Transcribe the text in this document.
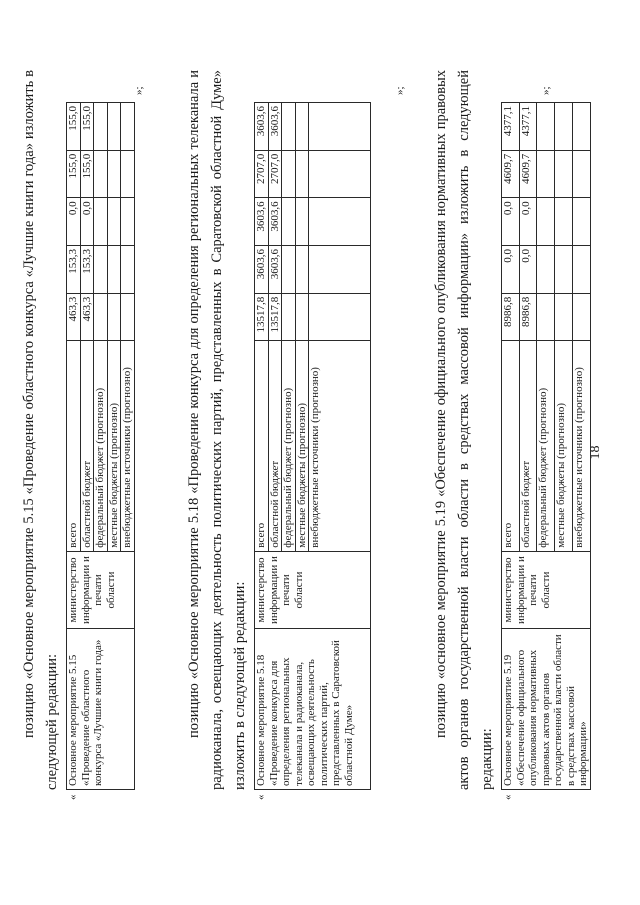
18

позицию «Основное мероприятие 5.15 «Проведение областного конкурса «Лучшие книги года» изложить в следующей редакции:

«
Основное мероприятие 5.15 «Проведение областного конкурса «Лучшие книги года»	министерство информации и печати области	всего	463,3	153,3	0,0	155,0	155,0
		областной бюджет	463,3	153,3	0,0	155,0	155,0
		федеральный бюджет (прогнозно)					
		местные бюджеты (прогнозно)					
		внебюджетные источники (прогнозно)					
»;	позицию «Основное мероприятие 5.18 «Проведение конкурса для определения региональных телеканала и радиоканала, освещающих деятельность политических партий, представленных в Саратовской областной Думе» изложить в следующей редакции:

«
Основное мероприятие 5.18 «Проведение конкурса для определения региональных телеканала и радиоканала, освещающих деятельность политических партий, представленных в Саратовской областной Думе»	министерство информации и печати области	всего	13517,8	3603,6	3603,6	2707,0	3603,6
		областной бюджет	13517,8	3603,6	3603,6	2707,0	3603,6
		федеральный бюджет (прогнозно)					
		местные бюджеты (прогнозно)					
		внебюджетные источники (прогнозно)					
»; позицию «основное мероприятие 5.19 «Обеспечение официального опубликования нормативных правовых актов органов государственной власти области в средствах массовой информации» изложить в следующей редакции:

«
Основное мероприятие 5.19 «Обеспечение официального опубликования нормативных правовых актов органов государственной власти области в средствах массовой информации»	министерство информации и печати области	всего	8986,8	0,0	0,0	4609,7	4377,1
		областной бюджет	8986,8	0,0	0,0	4609,7	4377,1
		федеральный бюджет (прогнозно)					
		местные бюджеты (прогнозно)					
		внебюджетные источники (прогнозно)					
»;
